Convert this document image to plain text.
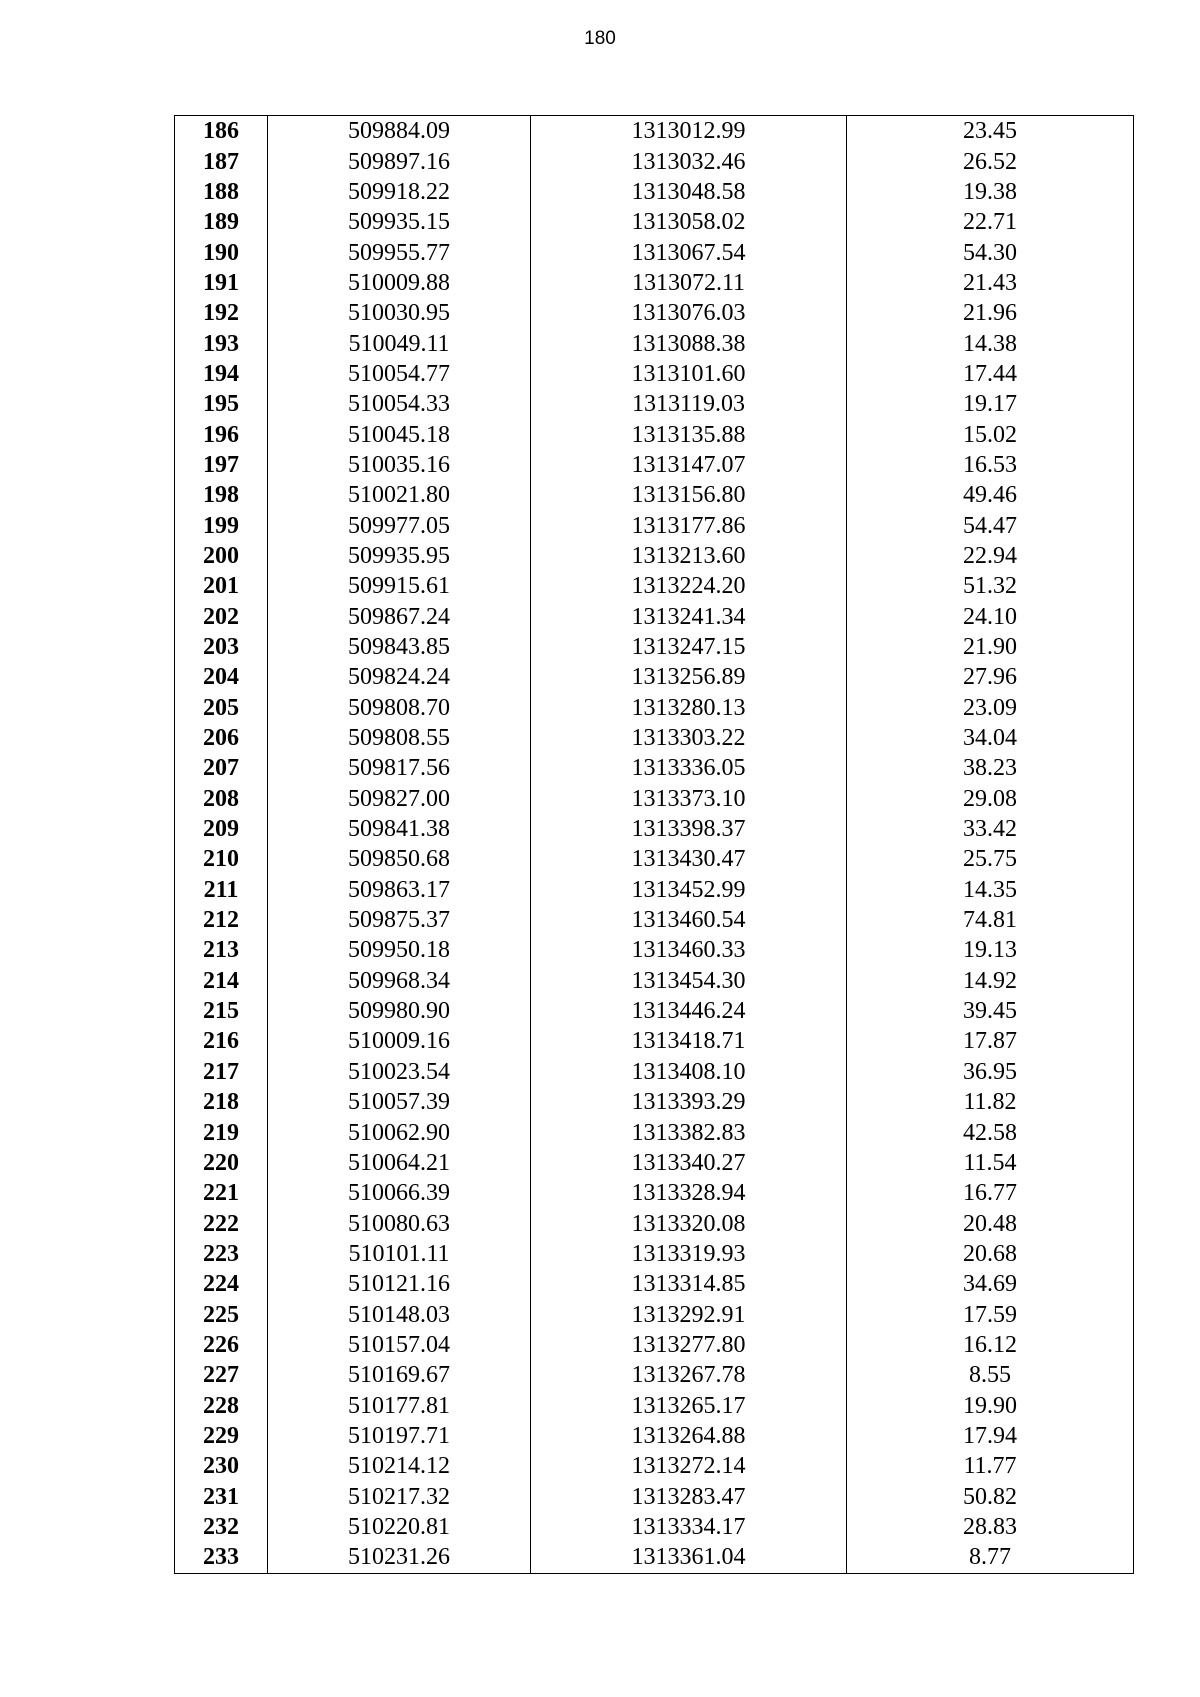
180
186	509884.09	1313012.99	23.45
187	509897.16	1313032.46	26.52
188	509918.22	1313048.58	19.38
189	509935.15	1313058.02	22.71
190	509955.77	1313067.54	54.30
191	510009.88	1313072.11	21.43
192	510030.95	1313076.03	21.96
193	510049.11	1313088.38	14.38
194	510054.77	1313101.60	17.44
195	510054.33	1313119.03	19.17
196	510045.18	1313135.88	15.02
197	510035.16	1313147.07	16.53
198	510021.80	1313156.80	49.46
199	509977.05	1313177.86	54.47
200	509935.95	1313213.60	22.94
201	509915.61	1313224.20	51.32
202	509867.24	1313241.34	24.10
203	509843.85	1313247.15	21.90
204	509824.24	1313256.89	27.96
205	509808.70	1313280.13	23.09
206	509808.55	1313303.22	34.04
207	509817.56	1313336.05	38.23
208	509827.00	1313373.10	29.08
209	509841.38	1313398.37	33.42
210	509850.68	1313430.47	25.75
211	509863.17	1313452.99	14.35
212	509875.37	1313460.54	74.81
213	509950.18	1313460.33	19.13
214	509968.34	1313454.30	14.92
215	509980.90	1313446.24	39.45
216	510009.16	1313418.71	17.87
217	510023.54	1313408.10	36.95
218	510057.39	1313393.29	11.82
219	510062.90	1313382.83	42.58
220	510064.21	1313340.27	11.54
221	510066.39	1313328.94	16.77
222	510080.63	1313320.08	20.48
223	510101.11	1313319.93	20.68
224	510121.16	1313314.85	34.69
225	510148.03	1313292.91	17.59
226	510157.04	1313277.80	16.12
227	510169.67	1313267.78	8.55
228	510177.81	1313265.17	19.90
229	510197.71	1313264.88	17.94
230	510214.12	1313272.14	11.77
231	510217.32	1313283.47	50.82
232	510220.81	1313334.17	28.83
233	510231.26	1313361.04	8.77
